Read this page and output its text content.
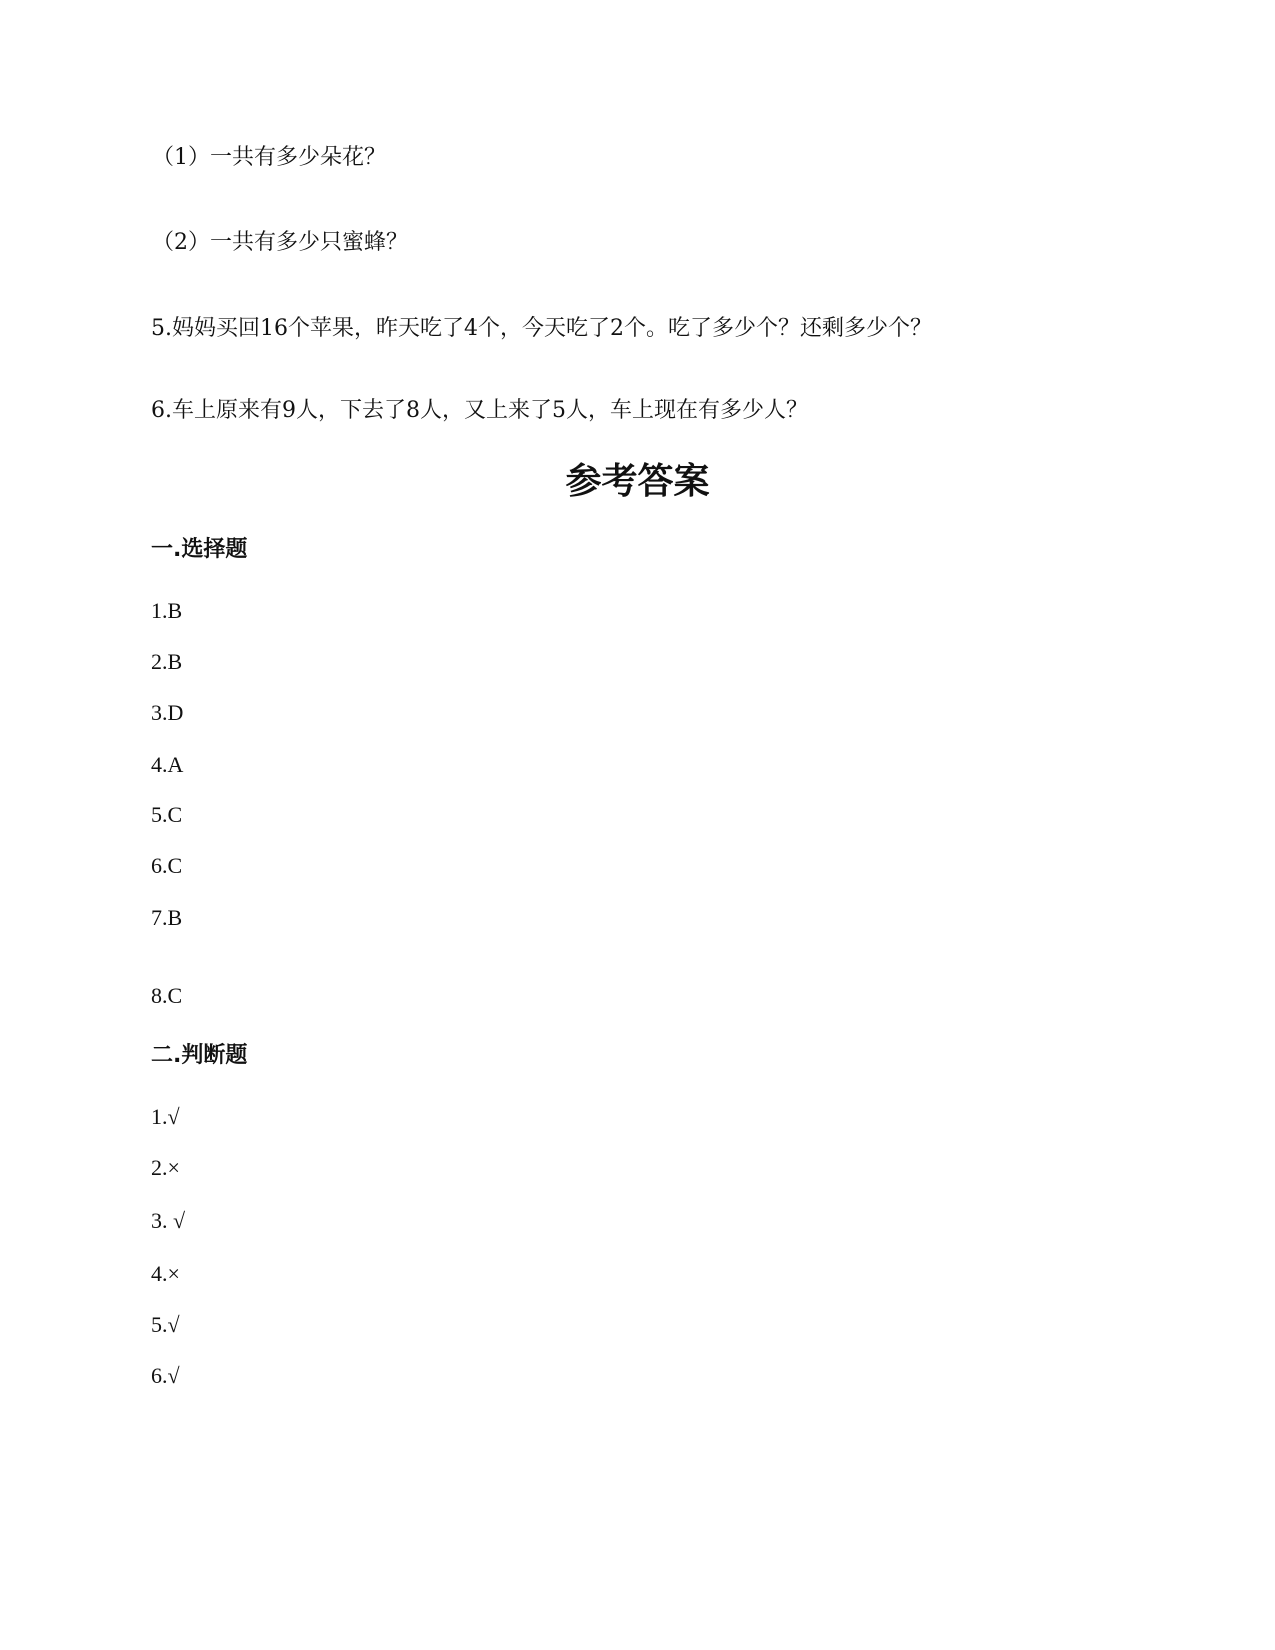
（1）一共有多少朵花？
（2）一共有多少只蜜蜂？
5.妈妈买回16个苹果，昨天吃了4个，今天吃了2个。吃了多少个？还剩多少个？
6.车上原来有9人，下去了8人，又上来了5人，车上现在有多少人？
参考答案
一.选择题
1.B
2.B
3.D
4.A
5.C
6.C
7.B
8.C
二.判断题
1.√
2.×
3. √
4.×
5.√
6.√
